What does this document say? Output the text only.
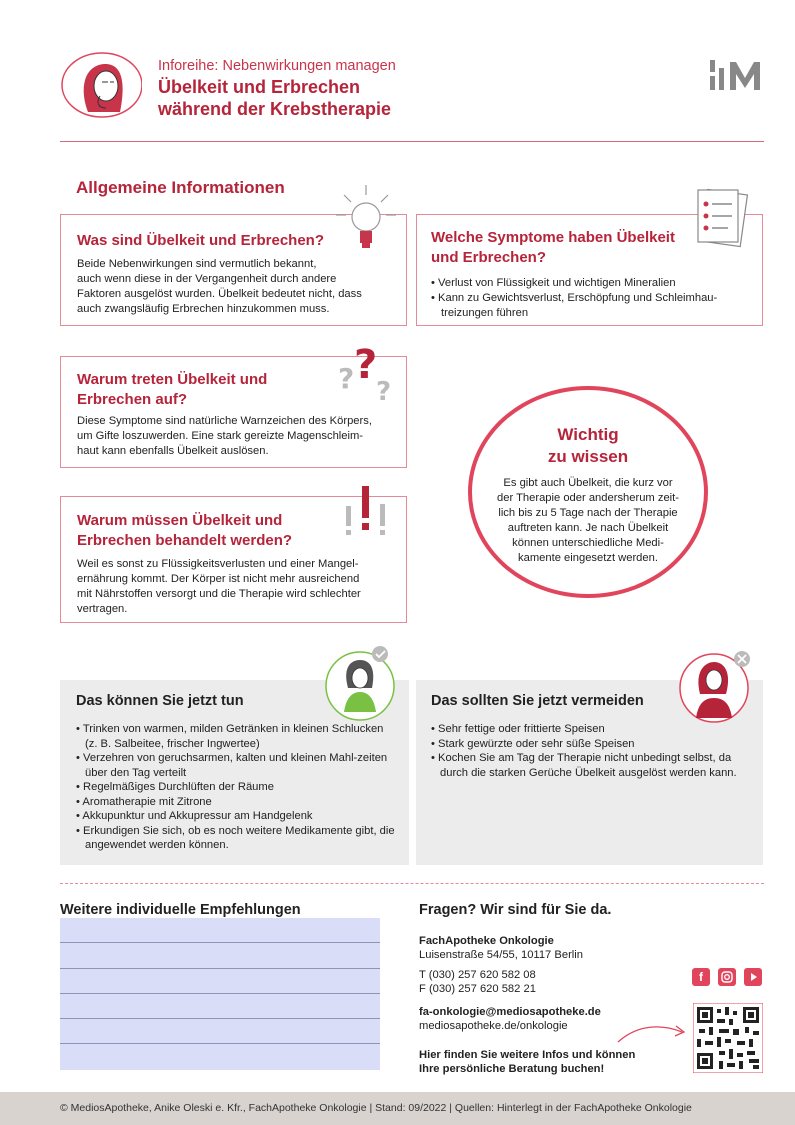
Inforeihe: Nebenwirkungen managen
Übelkeit und Erbrechen
während der Krebstherapie
Allgemeine Informationen
Was sind Übelkeit und Erbrechen?

Beide Nebenwirkungen sind vermutlich bekannt,
auch wenn diese in der Vergangenheit durch andere
Faktoren ausgelöst wurden. Übelkeit bedeutet nicht, dass
auch zwangsläufig Erbrechen hinzukommen muss.

Welche Symptome haben Übelkeit
und Erbrechen?
• Verlust von Flüssigkeit und wichtigen Mineralien
• Kann zu Gewichtsverlust, Erschöpfung und Schleimhau-treizungen führen
Warum treten Übelkeit und
Erbrechen auf?

Diese Symptome sind natürliche Warnzeichen des Körpers,
um Gifte loszuwerden. Eine stark gereizte Magenschleim-
haut kann ebenfalls Übelkeit auslösen.

? ?
?
Warum müssen Übelkeit und
Erbrechen behandelt werden?

Weil es sonst zu Flüssigkeitsverlusten und einer Mangel-
ernährung kommt. Der Körper ist nicht mehr ausreichend
mit Nährstoffen versorgt und die Therapie wird schlechter
vertragen.

Wichtig
zu wissen

Es gibt auch Übelkeit, die kurz vor
der Therapie oder andersherum zeit-
lich bis zu 5 Tage nach der Therapie
auftreten kann. Je nach Übelkeit
können unterschiedliche Medi-
kamente eingesetzt werden.

Das können Sie jetzt tun
• Trinken von warmen, milden Getränken in kleinen Schlucken (z. B. Salbeitee, frischer Ingwertee)
• Verzehren von geruchsarmen, kalten und kleinen Mahl-zeiten über den Tag verteilt
• Regelmäßiges Durchlüften der Räume
• Aromatherapie mit Zitrone
• Akkupunktur und Akkupressur am Handgelenk
• Erkundigen Sie sich, ob es noch weitere Medikamente gibt, die angewendet werden können.
Das sollten Sie jetzt vermeiden
• Sehr fettige oder frittierte Speisen
• Stark gewürzte oder sehr süße Speisen
• Kochen Sie am Tag der Therapie nicht unbedingt selbst, da durch die starken Gerüche Übelkeit ausgelöst werden kann.
Weitere individuelle Empfehlungen	Fragen? Wir sind für Sie da.
FachApotheke Onkologie
Luisenstraße 54/55, 10117 Berlin
T (030) 257 620 582 08
F (030) 257 620 582 21
fa-onkologie@mediosapotheke.de
mediosapotheke.de/onkologie
Hier finden Sie weitere Infos und können
Ihre persönliche Beratung buchen!
f
© MediosApotheke, Anike Oleski e. Kfr., FachApotheke Onkologie | Stand: 09/2022 | Quellen: Hinterlegt in der FachApotheke Onkologie
